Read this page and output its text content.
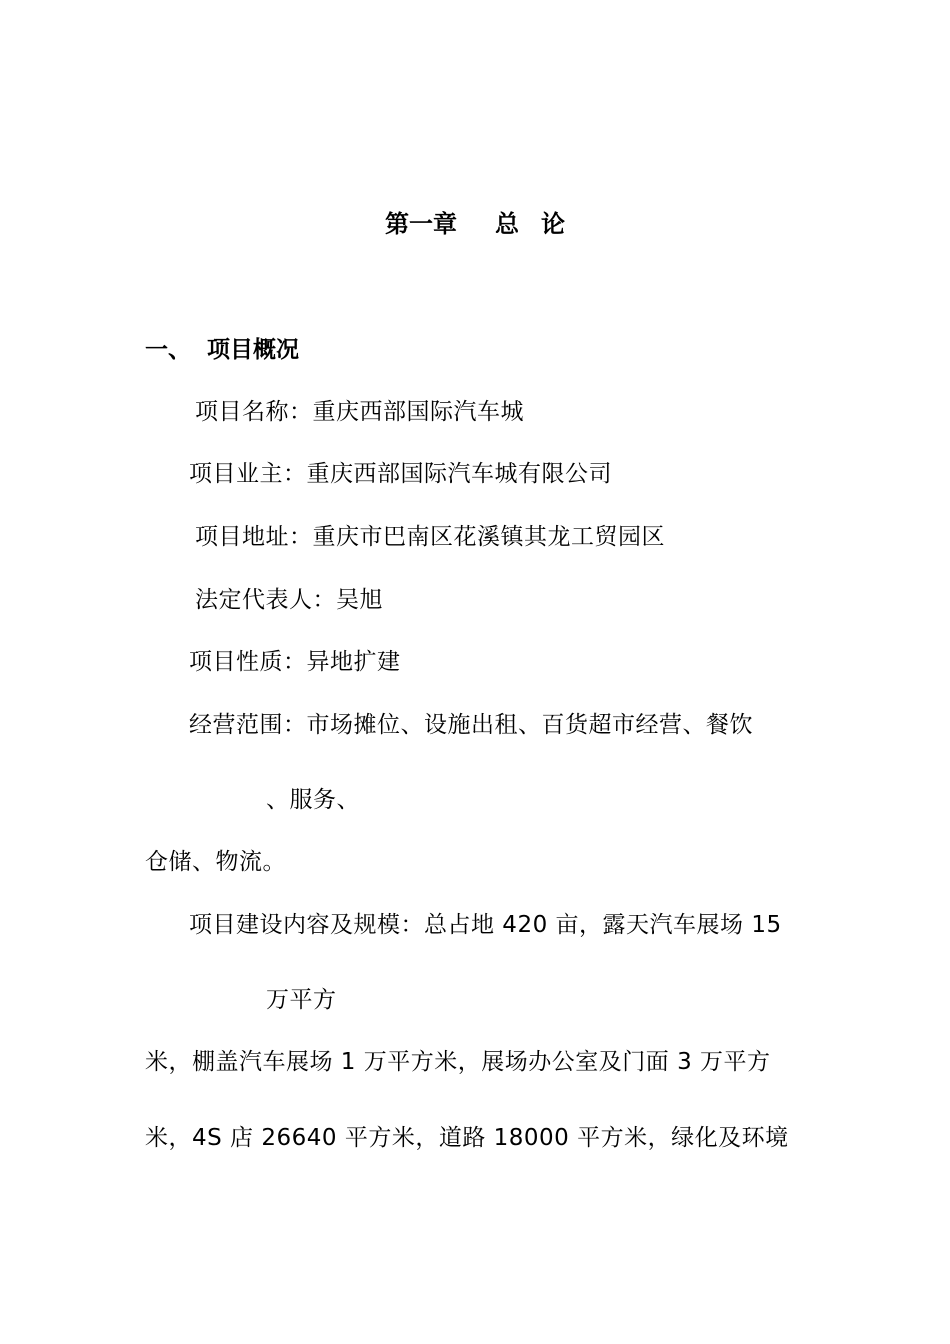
第一章 总 论
一、 项目概况
项目名称：重庆西部国际汽车城
项目业主：重庆西部国际汽车城有限公司
项目地址：重庆市巴南区花溪镇其龙工贸园区
法定代表人：吴旭
项目性质：异地扩建
经营范围：市场摊位、设施出租、百货超市经营、餐饮
、服务、
仓储、物流。
项目建设内容及规模：总占地 420 亩，露天汽车展场 15
万平方
米，棚盖汽车展场 1 万平方米，展场办公室及门面 3 万平方
米，4S 店 26640 平方米，道路 18000 平方米，绿化及环境
